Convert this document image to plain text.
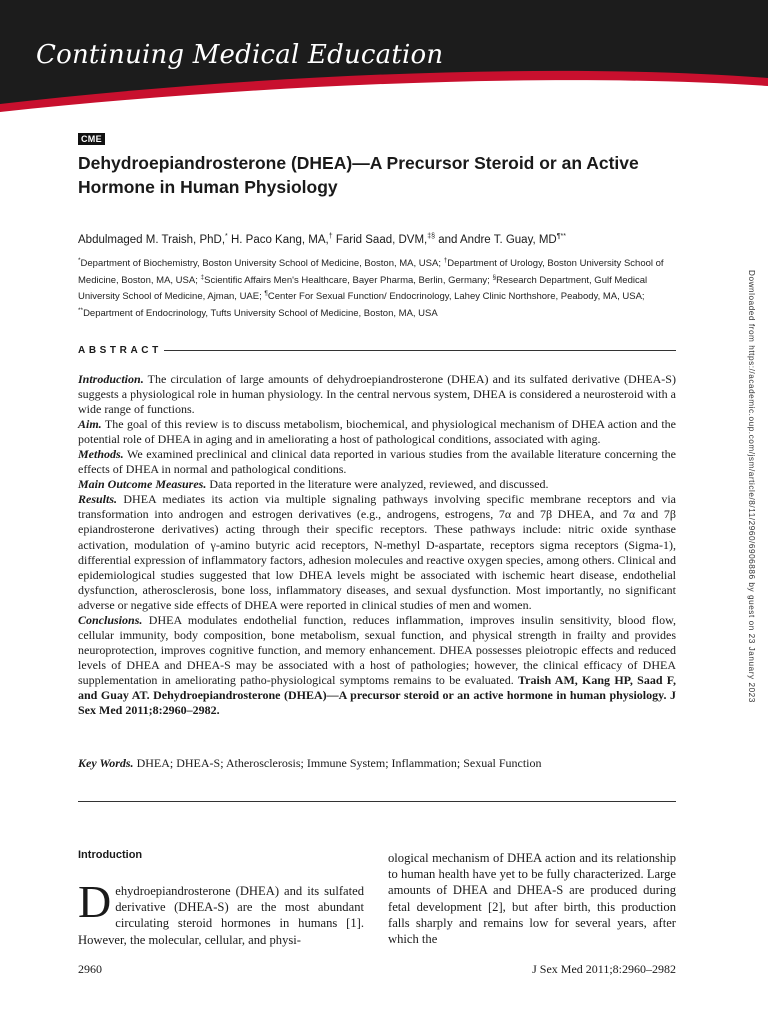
Continuing Medical Education
CME
Dehydroepiandrosterone (DHEA)—A Precursor Steroid or an Active Hormone in Human Physiology
Abdulmaged M. Traish, PhD,* H. Paco Kang, MA,† Farid Saad, DVM,‡§ and Andre T. Guay, MD¶**
*Department of Biochemistry, Boston University School of Medicine, Boston, MA, USA; †Department of Urology, Boston University School of Medicine, Boston, MA, USA; ‡Scientific Affairs Men's Healthcare, Bayer Pharma, Berlin, Germany; §Research Department, Gulf Medical University School of Medicine, Ajman, UAE; ¶Center For Sexual Function/ Endocrinology, Lahey Clinic Northshore, Peabody, MA, USA; **Department of Endocrinology, Tufts University School of Medicine, Boston, MA, USA
ABSTRACT

Introduction. The circulation of large amounts of dehydroepiandrosterone (DHEA) and its sulfated derivative (DHEA-S) suggests a physiological role in human physiology. In the central nervous system, DHEA is considered a neurosteroid with a wide range of functions.

Aim. The goal of this review is to discuss metabolism, biochemical, and physiological mechanism of DHEA action and the potential role of DHEA in aging and in ameliorating a host of pathological conditions, associated with aging.

Methods. We examined preclinical and clinical data reported in various studies from the available literature concerning the effects of DHEA in normal and pathological conditions.

Main Outcome Measures. Data reported in the literature were analyzed, reviewed, and discussed.

Results. DHEA mediates its action via multiple signaling pathways involving specific membrane receptors and via transformation into androgen and estrogen derivatives (e.g., androgens, estrogens, 7α and 7β DHEA, and 7α and 7β epiandrosterone derivatives) acting through their specific receptors. These pathways include: nitric oxide synthase activation, modulation of γ-amino butyric acid receptors, N-methyl D-aspartate, receptors sigma receptors (Sigma-1), differential expression of inflammatory factors, adhesion molecules and reactive oxygen species, among others. Clinical and epidemiological studies suggested that low DHEA levels might be associated with ischemic heart disease, endothelial dysfunction, atherosclerosis, bone loss, inflammatory diseases, and sexual dysfunction. Most importantly, no significant adverse or negative side effects of DHEA were reported in clinical studies of men and women.

Conclusions. DHEA modulates endothelial function, reduces inflammation, improves insulin sensitivity, blood flow, cellular immunity, body composition, bone metabolism, sexual function, and physical strength in frailty and provides neuroprotection, improves cognitive function, and memory enhancement. DHEA possesses pleiotropic effects and reduced levels of DHEA and DHEA-S may be associated with a host of pathologies; however, the clinical efficacy of DHEA supplementation in ameliorating patho-physiological symptoms remains to be evaluated. Traish AM, Kang HP, Saad F, and Guay AT. Dehydroepiandrosterone (DHEA)—A precursor steroid or an active hormone in human physiology. J Sex Med 2011;8:2960–2982.

Key Words. DHEA; DHEA-S; Atherosclerosis; Immune System; Inflammation; Sexual Function
Introduction
D ehydroepiandrosterone (DHEA) and its sulfated derivative (DHEA-S) are the most abundant circulating steroid hormones in humans [1]. However, the molecular, cellular, and physi-
ological mechanism of DHEA action and its relationship to human health have yet to be fully characterized. Large amounts of DHEA and DHEA-S are produced during fetal development [2], but after birth, this production falls sharply and remains low for several years, after which the
2960	J Sex Med 2011;8:2960–2982
Downloaded from https://academic.oup.com/jsm/article/8/11/2960/6906886 by guest on 23 January 2023
